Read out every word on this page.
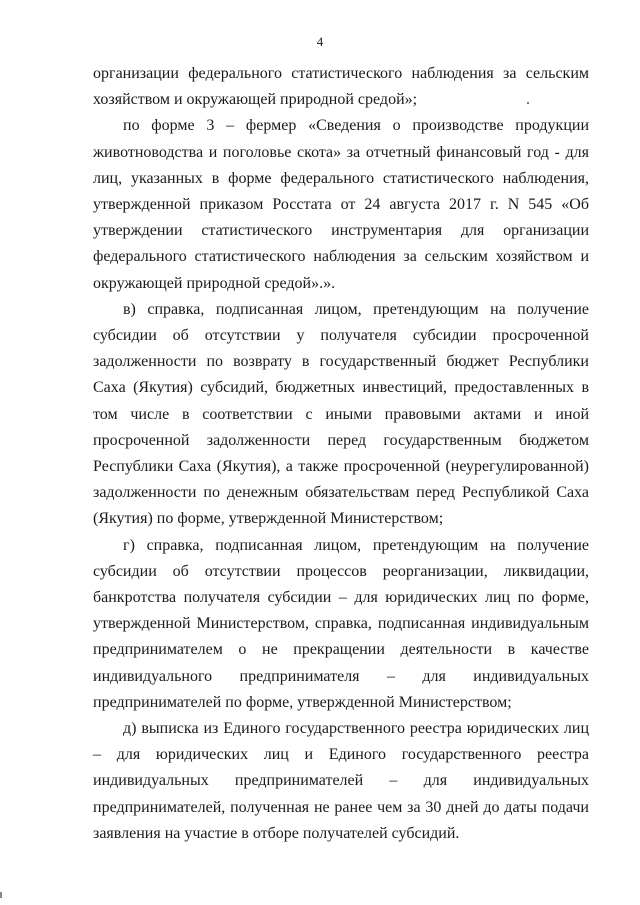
4

организации федерального статистического наблюдения за сельским хозяйством и окружающей природной средой»;

по форме 3 – фермер «Сведения о производстве продукции животноводства и поголовье скота» за отчетный финансовый год - для лиц, указанных в форме федерального статистического наблюдения, утвержденной приказом Росстата от 24 августа 2017 г. N 545 «Об утверждении статистического инструментария для организации федерального статистического наблюдения за сельским хозяйством и окружающей природной средой».».

в) справка, подписанная лицом, претендующим на получение субсидии об отсутствии у получателя субсидии просроченной задолженности по возврату в государственный бюджет Республики Саха (Якутия) субсидий, бюджетных инвестиций, предоставленных в том числе в соответствии с иными правовыми актами и иной просроченной задолженности перед государственным бюджетом Республики Саха (Якутия), а также просроченной (неурегулированной) задолженности по денежным обязательствам перед Республикой Саха (Якутия) по форме, утвержденной Министерством;

г) справка, подписанная лицом, претендующим на получение субсидии об отсутствии процессов реорганизации, ликвидации, банкротства получателя субсидии – для юридических лиц по форме, утвержденной Министерством, справка, подписанная индивидуальным предпринимателем о не прекращении деятельности в качестве индивидуального предпринимателя – для индивидуальных предпринимателей по форме, утвержденной Министерством;

д) выписка из Единого государственного реестра юридических лиц – для юридических лиц и Единого государственного реестра индивидуальных предпринимателей – для индивидуальных предпринимателей, полученная не ранее чем за 30 дней до даты подачи заявления на участие в отборе получателей субсидий.
